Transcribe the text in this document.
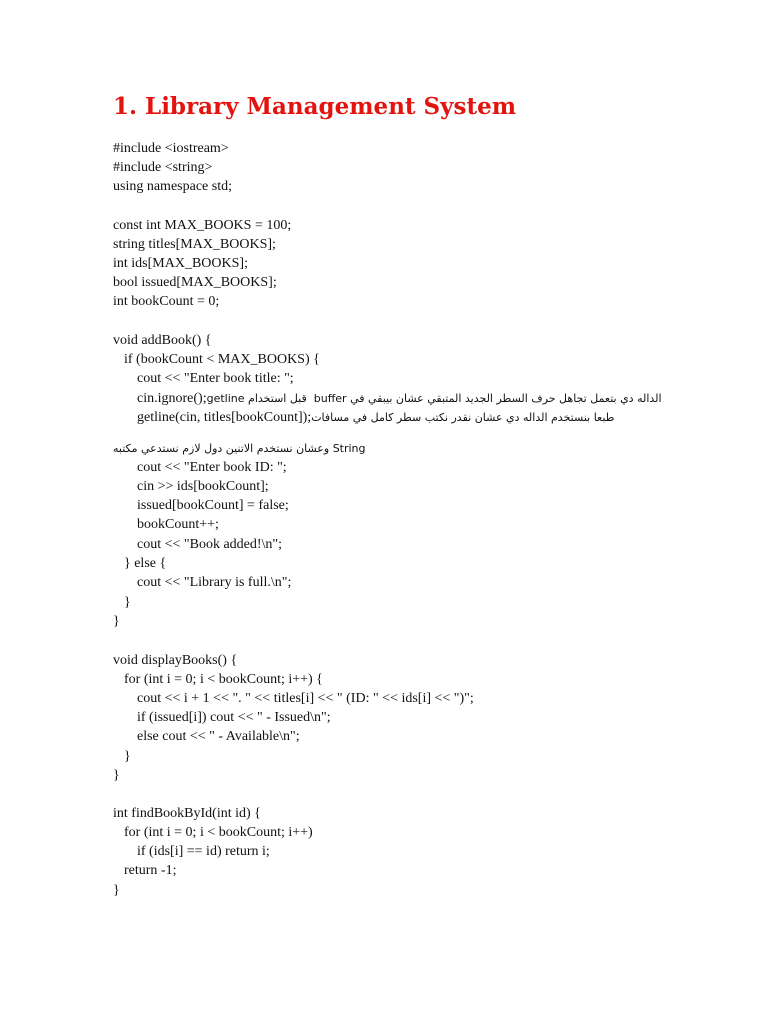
1. Library Management System
#include <iostream>
#include <string>
using namespace std;
const int MAX_BOOKS = 100;
string titles[MAX_BOOKS];
int ids[MAX_BOOKS];
bool issued[MAX_BOOKS];
int bookCount = 0;
void addBook() {
if (bookCount < MAX_BOOKS) {
cout << "Enter book title: ";
cin.ignore(); الداله دي بتعمل تجاهل حرف السطر الجديد المتبقي عشان بيبقي في buffer  قبل استخدام getline
getline(cin, titles[bookCount]); طبعا بنستخدم الداله دي عشان نقدر نكتب سطر كامل في مسافات
String وعشان نستخدم الاتنين دول لازم نستدعي مكتبه
cout << "Enter book ID: ";
cin >> ids[bookCount];
issued[bookCount] = false;
bookCount++;
cout << "Book added!\n";
} else {
cout << "Library is full.\n";
}
}
void displayBooks() {
for (int i = 0; i < bookCount; i++) {
cout << i + 1 << ". " << titles[i] << " (ID: " << ids[i] << ")";
if (issued[i]) cout << " - Issued\n";
else cout << " - Available\n";
}
}
int findBookById(int id) {
for (int i = 0; i < bookCount; i++)
if (ids[i] == id) return i;
return -1;
}
